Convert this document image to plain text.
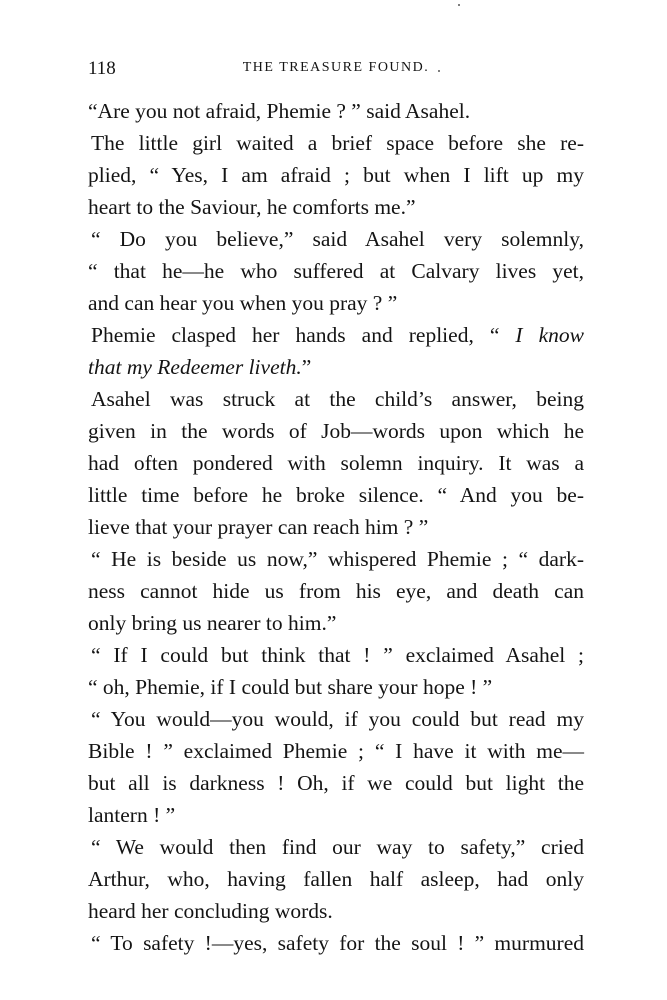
118	THE TREASURE FOUND.

“Are you not afraid, Phemie ? ” said Asahel.

The little girl waited a brief space before she re-
plied, “ Yes, I am afraid ; but when I lift up my
heart to the Saviour, he comforts me.”

“ Do you believe,” said Asahel very solemnly,
“ that he—he who suffered at Calvary lives yet,
and can hear you when you pray ? ”

Phemie clasped her hands and replied, “ I know
that my Redeemer liveth.”

Asahel was struck at the child’s answer, being
given in the words of Job—words upon which he
had often pondered with solemn inquiry. It was a
little time before he broke silence. “ And you be-
lieve that your prayer can reach him ? ”

“ He is beside us now,” whispered Phemie ; “ dark-
ness cannot hide us from his eye, and death can
only bring us nearer to him.”

“ If I could but think that ! ” exclaimed Asahel ;
“ oh, Phemie, if I could but share your hope ! ”

“ You would—you would, if you could but read my
Bible ! ” exclaimed Phemie ; “ I have it with me—
but all is darkness ! Oh, if we could but light the
lantern ! ”

“ We would then find our way to safety,” cried
Arthur, who, having fallen half asleep, had only
heard her concluding words.

“ To safety !—yes, safety for the soul ! ” murmured
